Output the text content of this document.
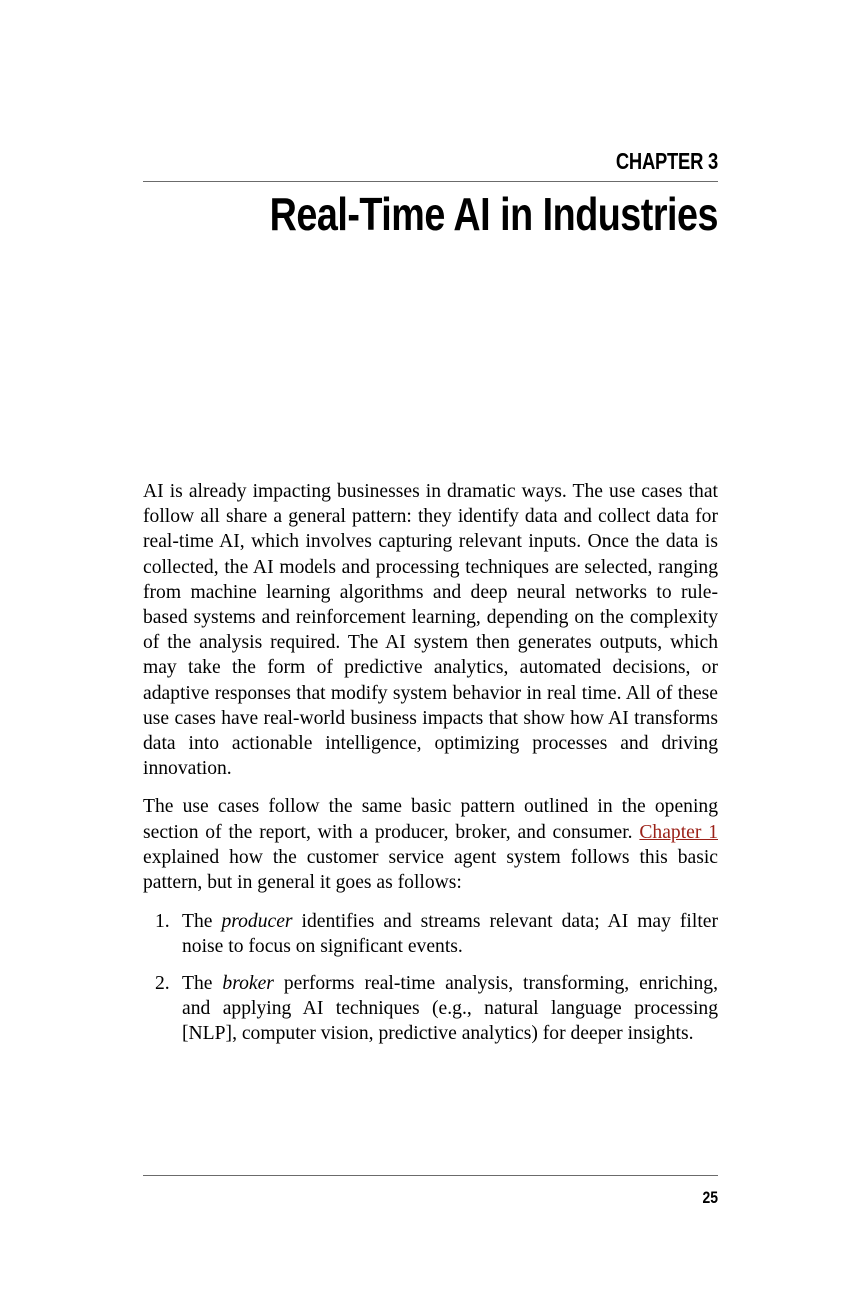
CHAPTER 3
Real-Time AI in Industries

AI is already impacting businesses in dramatic ways. The use cases that follow all share a general pattern: they identify data and collect data for real-time AI, which involves capturing relevant inputs. Once the data is collected, the AI models and processing techniques are selected, ranging from machine learning algorithms and deep neural networks to rule-based systems and reinforcement learning, depending on the complexity of the analysis required. The AI system then generates outputs, which may take the form of predictive analytics, automated decisions, or adaptive responses that modify system behavior in real time. All of these use cases have real-world business impacts that show how AI transforms data into actionable intelligence, optimizing processes and driving innovation.

The use cases follow the same basic pattern outlined in the opening section of the report, with a producer, broker, and consumer. Chapter 1 explained how the customer service agent system follows this basic pattern, but in general it goes as follows:

The producer identifies and streams relevant data; AI may filter noise to focus on significant events.
The broker performs real-time analysis, transforming, enriching, and applying AI techniques (e.g., natural language processing [NLP], computer vision, predictive analytics) for deeper insights.
25
